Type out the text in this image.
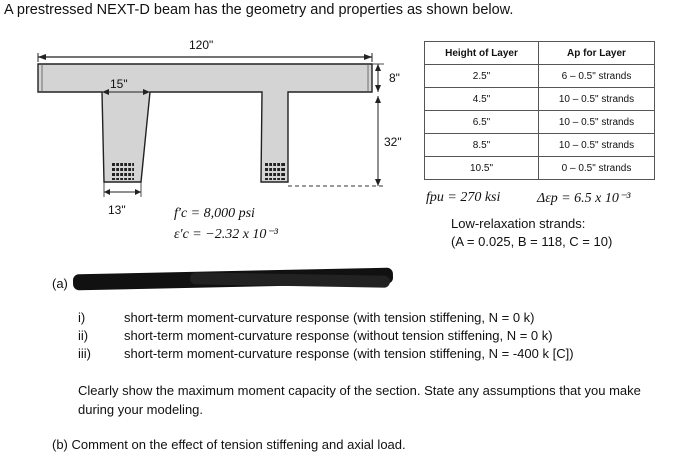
A prestressed NEXT-D beam has the geometry and properties as shown below.
120"
15"
13"
8"
32"
f′c = 8,000 psi
ε′c = −2.32 x 10⁻³
Height of Layer	Ap for Layer
2.5"	6 – 0.5" strands
4.5"	10 – 0.5" strands
6.5"	10 – 0.5" strands
8.5"	10 – 0.5" strands
10.5"	0 – 0.5" strands
fpu = 270 ksi	Δεp = 6.5 x 10⁻³
Low-relaxation strands:
(A = 0.025, B = 118, C = 10)
(a)
i)	short-term moment-curvature response (with tension stiffening, N = 0 k)
ii)	short-term moment-curvature response (without tension stiffening, N = 0 k)
iii)	short-term moment-curvature response (with tension stiffening, N = -400 k [C])
Clearly show the maximum moment capacity of the section. State any assumptions that you make during your modeling.
(b) Comment on the effect of tension stiffening and axial load.
